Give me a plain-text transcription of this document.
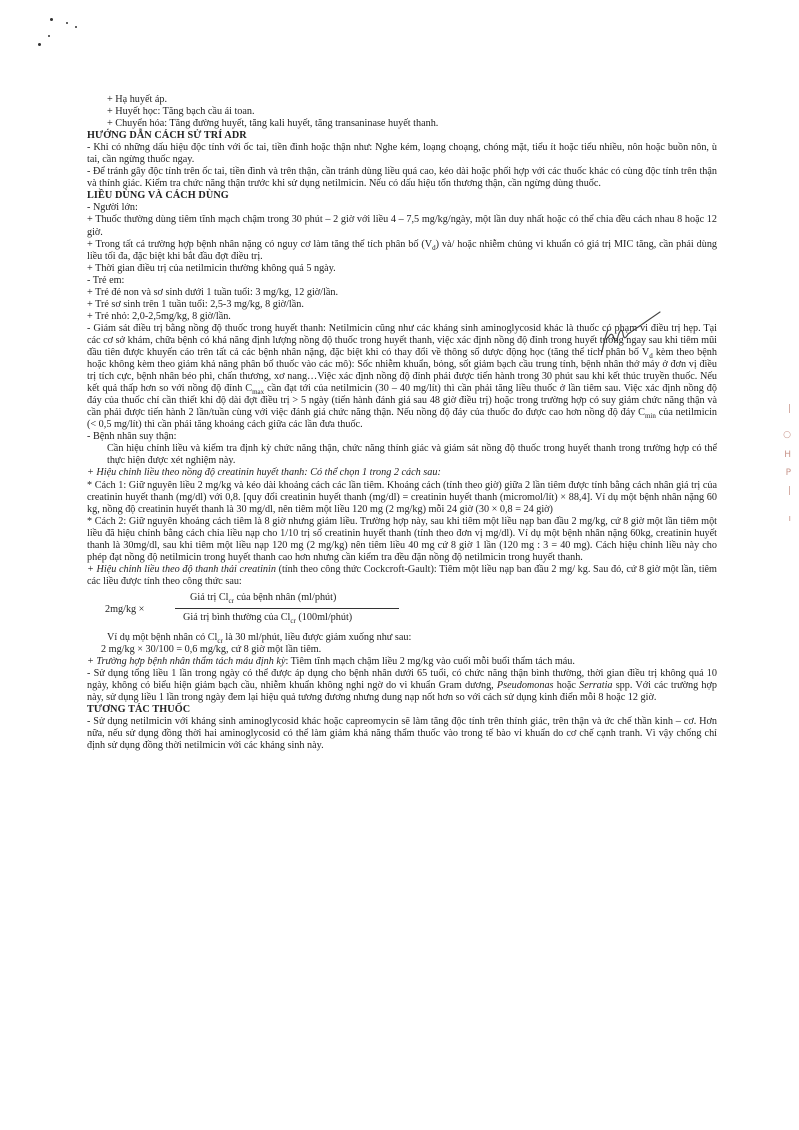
|
○
H
P
|
ı

+ Hạ huyết áp.

+ Huyết học: Tăng bạch cầu ái toan.

+ Chuyển hóa: Tăng đường huyết, tăng kali huyết, tăng transaninase huyết thanh.

HƯỚNG DẪN CÁCH SỬ TRÍ ADR

- Khi có những dấu hiệu độc tính với ốc tai, tiền đình hoặc thận như: Nghe kém, loạng choạng, chóng mặt, tiểu ít hoặc tiểu nhiều, nôn hoặc buồn nôn, ù tai, cần ngừng thuốc ngay.

- Để tránh gây độc tính trên ốc tai, tiền đình và trên thận, cần tránh dùng liều quá cao, kéo dài hoặc phối hợp với các thuốc khác có cùng độc tính trên thận và thính giác. Kiểm tra chức năng thận trước khi sử dụng netilmicin. Nếu có dấu hiệu tổn thương thận, cần ngừng dùng thuốc.

LIỀU DÙNG VÀ CÁCH DÙNG

- Người lớn:

+ Thuốc thường dùng tiêm tĩnh mạch chậm trong 30 phút – 2 giờ với liều 4 – 7,5 mg/kg/ngày, một lần duy nhất hoặc có thể chia đều cách nhau 8 hoặc 12 giờ.

+ Trong tất cả trường hợp bệnh nhân nặng có nguy cơ làm tăng thể tích phân bố $(V_d)$ và/ hoặc nhiễm chủng vi khuẩn có giá trị MIC tăng, cần phải dùng liều tối đa, đặc biệt khi bắt đầu đợt điều trị.

+ Thời gian điều trị của netilmicin thường không quá 5 ngày.

- Trẻ em:

+ Trẻ đẻ non và sơ sinh dưới 1 tuần tuổi: 3 mg/kg, 12 giờ/lần.

+ Trẻ sơ sinh trên 1 tuần tuổi: 2,5-3 mg/kg, 8 giờ/lần.

+ Trẻ nhỏ: 2,0-2,5mg/kg, 8 giờ/lần.

- Giám sát điều trị bằng nồng độ thuốc trong huyết thanh: Netilmicin cũng như các kháng sinh aminoglycosid khác là thuốc có phạm vi điều trị hẹp. Tại các cơ sở khám, chữa bệnh có khả năng định lượng nồng độ thuốc trong huyết thanh, việc xác định nồng độ đỉnh trong huyết tương ngay sau khi tiêm mũi đầu tiên được khuyến cáo trên tất cả các bệnh nhân nặng, đặc biệt khi có thay đổi về thông số dược động học (tăng thể tích phân bố $V_d$ kèm theo bệnh hoặc không kèm theo giảm khả năng phân bố thuốc vào các mô): Sốc nhiễm khuẩn, bỏng, sốt giảm bạch cầu trung tính, bệnh nhân thở máy ở đơn vị điều trị tích cực, bệnh nhân béo phì, chấn thương, xơ nang…Việc xác định nồng độ đỉnh phải được tiến hành trong 30 phút sau khi kết thúc truyền thuốc. Nếu kết quả thấp hơn so với nồng độ đỉnh $C_{max}$ cần đạt tới của netilmicin (30 – 40 mg/lít) thì cần phải tăng liều thuốc ở lần tiêm sau. Việc xác định nồng độ đáy của thuốc chỉ cần thiết khi độ dài đợt điều trị > 5 ngày (tiến hành đánh giá sau 48 giờ điều trị) hoặc trong trường hợp có suy giảm chức năng thận và cần phải được tiến hành 2 lần/tuần cùng với việc đánh giá chức năng thận. Nếu nồng độ đáy của thuốc đo được cao hơn nồng độ đáy $C_{min}$ của netilmicin (< 0,5 mg/lít) thì cần phải tăng khoảng cách giữa các lần đưa thuốc.

- Bệnh nhân suy thận:

Cần hiệu chỉnh liều và kiểm tra định kỳ chức năng thận, chức năng thính giác và giám sát nồng độ thuốc trong huyết thanh trong trường hợp có thể thực hiện được xét nghiệm này.

+ Hiệu chỉnh liều theo nồng độ creatinin huyết thanh: Có thể chọn 1 trong 2 cách sau:

* Cách 1: Giữ nguyên liều 2 mg/kg và kéo dài khoảng cách các lần tiêm. Khoảng cách (tính theo giờ) giữa 2 lần tiêm được tính bằng cách nhân giá trị của creatinin huyết thanh (mg/dl) với 0,8. [quy đổi creatinin huyết thanh (mg/dl) = creatinin huyết thanh (micromol/lít) × 88,4]. Ví dụ một bệnh nhân nặng 60 kg, nồng độ creatinin huyết thanh là 30 mg/dl, nên tiêm một liều 120 mg (2 mg/kg) mỗi 24 giờ (30 × 0,8 = 24 giờ)

* Cách 2: Giữ nguyên khoảng cách tiêm là 8 giờ nhưng giảm liều. Trường hợp này, sau khi tiêm một liều nạp ban đầu 2 mg/kg, cứ 8 giờ một lần tiêm một liều đã hiệu chỉnh bằng cách chia liều nạp cho 1/10 trị số creatinin huyết thanh (tính theo đơn vị mg/dl). Ví dụ một bệnh nhân nặng 60kg, creatinin huyết thanh là 30mg/dl, sau khi tiêm một liều nạp 120 mg (2 mg/kg) nên tiêm liều 40 mg cứ 8 giờ 1 lần (120 mg : 3 = 40 mg). Cách hiệu chỉnh liều này cho phép đạt nồng độ netilmicin trong huyết thanh cao hơn nhưng cần kiểm tra đều đặn nồng độ netilmicin trong huyết thanh.

+ Hiệu chỉnh liều theo độ thanh thải creatinin (tính theo công thức Cockcroft-Gault): Tiêm một liều nạp ban đầu 2 mg/ kg. Sau đó, cứ 8 giờ một lần, tiêm các liều được tính theo công thức sau:

2mg/kg ×
Giá trị $Cl_{cr}$ của bệnh nhân (ml/phút)
Giá trị bình thường của $Cl_{cr}$ (100ml/phút)

Ví dụ một bệnh nhân có $Cl_{cr}$ là 30 ml/phút, liều được giảm xuống như sau:

2 mg/kg × 30/100 = 0,6 mg/kg, cứ 8 giờ một lần tiêm.

+ Trường hợp bệnh nhân thẩm tách máu định kỳ: Tiêm tĩnh mạch chậm liều 2 mg/kg vào cuối mỗi buổi thẩm tách máu.

- Sử dụng tổng liều 1 lần trong ngày có thể được áp dụng cho bệnh nhân dưới 65 tuổi, có chức năng thận bình thường, thời gian điều trị không quá 10 ngày, không có biểu hiện giảm bạch cầu, nhiễm khuẩn không nghi ngờ do vi khuẩn Gram dương, Pseudomonas hoặc Serratia spp. Với các trường hợp này, sử dụng liều 1 lần trong ngày đem lại hiệu quả tương đương nhưng dung nạp nốt hơn so với cách sử dụng kinh điển mỗi 8 hoặc 12 giờ.

TƯƠNG TÁC THUỐC

- Sử dụng netilmicin với kháng sinh aminoglycosid khác hoặc capreomycin sẽ làm tăng độc tính trên thính giác, trên thận và ức chế thần kinh – cơ. Hơn nữa, nếu sử dụng đồng thời hai aminoglycosid có thể làm giảm khả năng thẩm thuốc vào trong tế bào vi khuẩn do cơ chế cạnh tranh. Vì vậy chống chỉ định sử dụng đồng thời netilmicin với các kháng sinh này.
